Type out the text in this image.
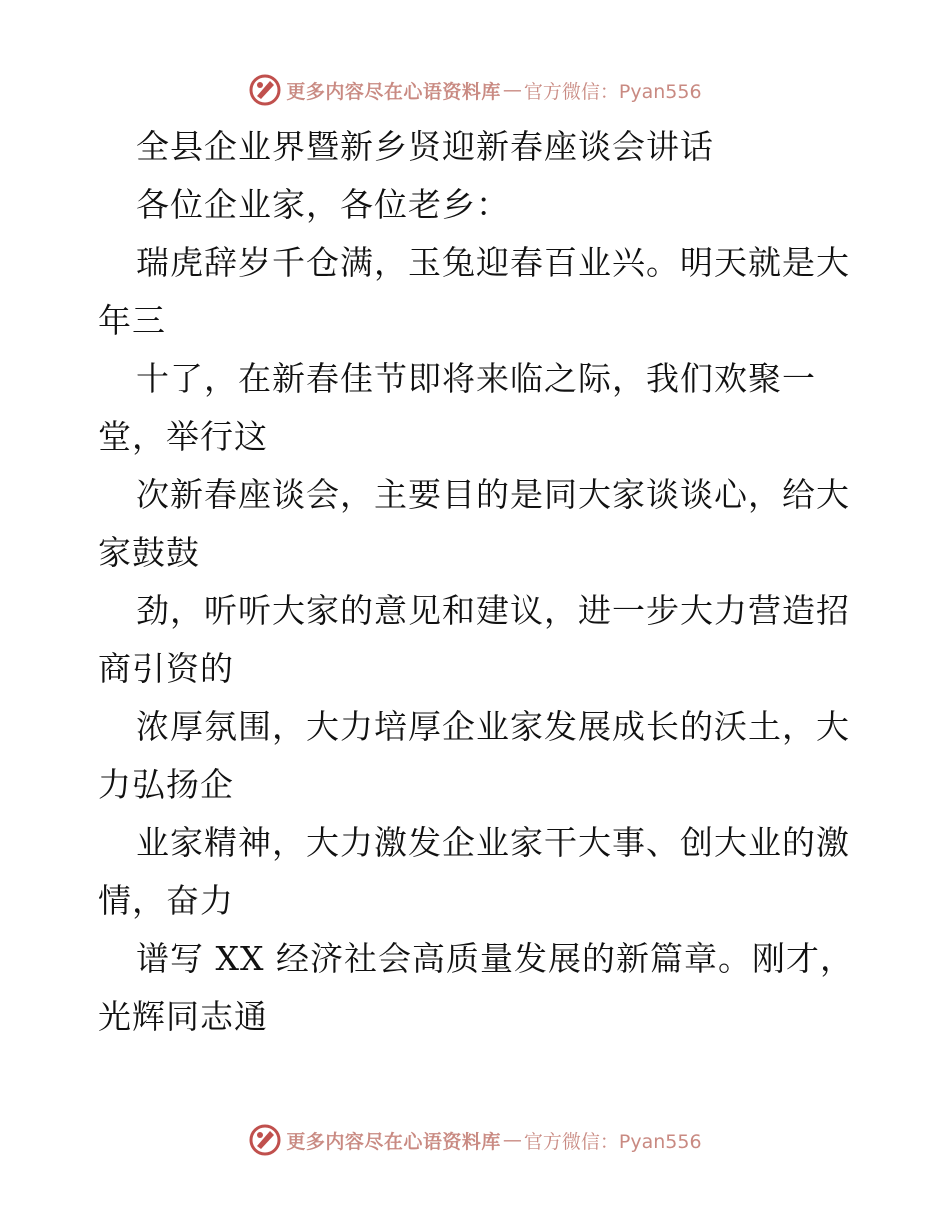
更多内容尽在心语资料库 — 官方微信：Pyan556
全县企业界暨新乡贤迎新春座谈会讲话
各位企业家，各位老乡：
瑞虎辞岁千仓满，玉兔迎春百业兴。明天就是大
年三
十了，在新春佳节即将来临之际，我们欢聚一
堂，举行这
次新春座谈会，主要目的是同大家谈谈心，给大
家鼓鼓
劲，听听大家的意见和建议，进一步大力营造招
商引资的
浓厚氛围，大力培厚企业家发展成长的沃土，大
力弘扬企
业家精神，大力激发企业家干大事、创大业的激
情，奋力
谱写 XX 经济社会高质量发展的新篇章。刚才，
光辉同志通
更多内容尽在心语资料库 — 官方微信：Pyan556
